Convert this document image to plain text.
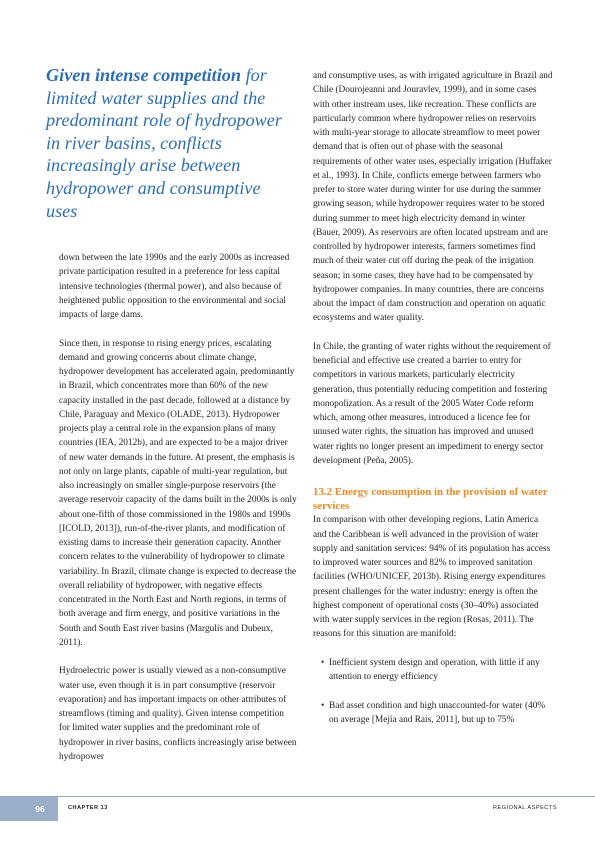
Given intense competition for limited water supplies and the predominant role of hydropower in river basins, conflicts increasingly arise between hydropower and consumptive uses

down between the late 1990s and the early 2000s as increased private participation resulted in a preference for less capital intensive technologies (thermal power), and also because of heightened public opposition to the environmental and social impacts of large dams.

Since then, in response to rising energy prices, escalating demand and growing concerns about climate change, hydropower development has accelerated again, predominantly in Brazil, which concentrates more than 60% of the new capacity installed in the past decade, followed at a distance by Chile, Paraguay and Mexico (OLADE, 2013). Hydropower projects play a central role in the expansion plans of many countries (IEA, 2012b), and are expected to be a major driver of new water demands in the future. At present, the emphasis is not only on large plants, capable of multi-year regulation, but also increasingly on smaller single-purpose reservoirs (the average reservoir capacity of the dams built in the 2000s is only about one-fifth of those commissioned in the 1980s and 1990s [ICOLD, 2013]), run-of-the-river plants, and modification of existing dams to increase their generation capacity. Another concern relates to the vulnerability of hydropower to climate variability. In Brazil, climate change is expected to decrease the overall reliability of hydropower, with negative effects concentrated in the North East and North regions, in terms of both average and firm energy, and positive variations in the South and South East river basins (Margulis and Dubeux, 2011).

Hydroelectric power is usually viewed as a non-consumptive water use, even though it is in part consumptive (reservoir evaporation) and has important impacts on other attributes of streamflows (timing and quality). Given intense competition for limited water supplies and the predominant role of hydropower in river basins, conflicts increasingly arise between hydropower

and consumptive uses, as with irrigated agriculture in Brazil and Chile (Dourojeanni and Jouravlev, 1999), and in some cases with other instream uses, like recreation. These conflicts are particularly common where hydropower relies on reservoirs with multi-year storage to allocate streamflow to meet power demand that is often out of phase with the seasonal requirements of other water uses, especially irrigation (Huffaker et al., 1993). In Chile, conflicts emerge between farmers who prefer to store water during winter for use during the summer growing season, while hydropower requires water to be stored during summer to meet high electricity demand in winter (Bauer, 2009). As reservoirs are often located upstream and are controlled by hydropower interests, farmers sometimes find much of their water cut off during the peak of the irrigation season; in some cases, they have had to be compensated by hydropower companies. In many countries, there are concerns about the impact of dam construction and operation on aquatic ecosystems and water quality.

In Chile, the granting of water rights without the requirement of beneficial and effective use created a barrier to entry for competitors in various markets, particularly electricity generation, thus potentially reducing competition and fostering monopolization. As a result of the 2005 Water Code reform which, among other measures, introduced a licence fee for unused water rights, the situation has improved and unused water rights no longer present an impediment to energy sector development (Peña, 2005).

13.2 Energy consumption in the provision of water services

In comparison with other developing regions, Latin America and the Caribbean is well advanced in the provision of water supply and sanitation services: 94% of its population has access to improved water sources and 82% to improved sanitation facilities (WHO/UNICEF, 2013b). Rising energy expenditures present challenges for the water industry: energy is often the highest component of operational costs (30–40%) associated with water supply services in the region (Rosas, 2011). The reasons for this situation are manifold:

• Inefficient system design and operation, with little if any attention to energy efficiency
• Bad asset condition and high unaccounted-for water (40% on average [Mejía and Rais, 2011], but up to 75%
96	CHAPTER 13	REGIONAL ASPECTS
